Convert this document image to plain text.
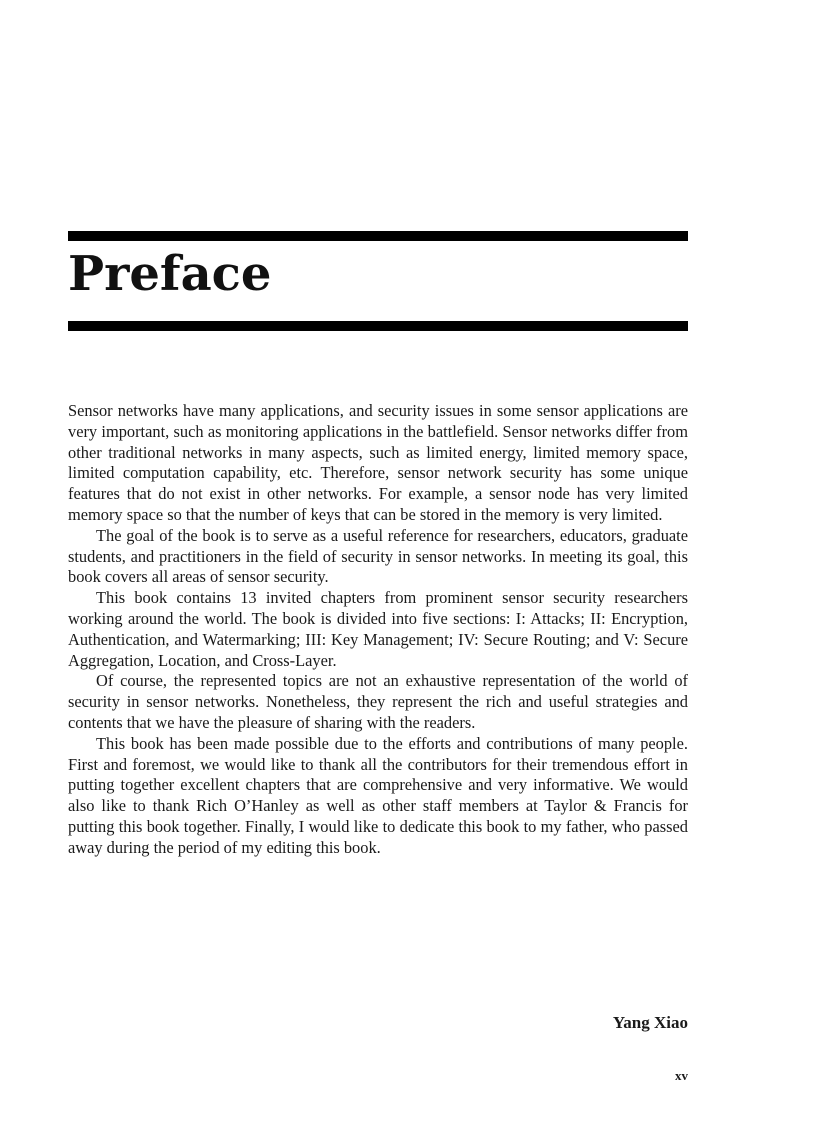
Preface

Sensor networks have many applications, and security issues in some sensor applications are very important, such as monitoring applications in the battlefield. Sensor networks differ from other traditional networks in many aspects, such as limited energy, limited memory space, limited computation capability, etc. Therefore, sensor network security has some unique features that do not exist in other networks. For example, a sensor node has very limited memory space so that the number of keys that can be stored in the memory is very limited.

The goal of the book is to serve as a useful reference for researchers, educators, graduate students, and practitioners in the field of security in sensor networks. In meeting its goal, this book covers all areas of sensor security.

This book contains 13 invited chapters from prominent sensor security researchers working around the world. The book is divided into five sections: I: Attacks; II: Encryption, Authentication, and Watermarking; III: Key Management; IV: Secure Routing; and V: Secure Aggregation, Location, and Cross-Layer.

Of course, the represented topics are not an exhaustive representation of the world of security in sensor networks. Nonetheless, they represent the rich and useful strategies and contents that we have the pleasure of sharing with the readers.

This book has been made possible due to the efforts and contributions of many people. First and foremost, we would like to thank all the contributors for their tremendous effort in putting together excellent chapters that are comprehensive and very informative. We would also like to thank Rich O’Hanley as well as other staff members at Taylor & Francis for putting this book together. Finally, I would like to dedicate this book to my father, who passed away during the period of my editing this book.

Yang Xiao
xv
